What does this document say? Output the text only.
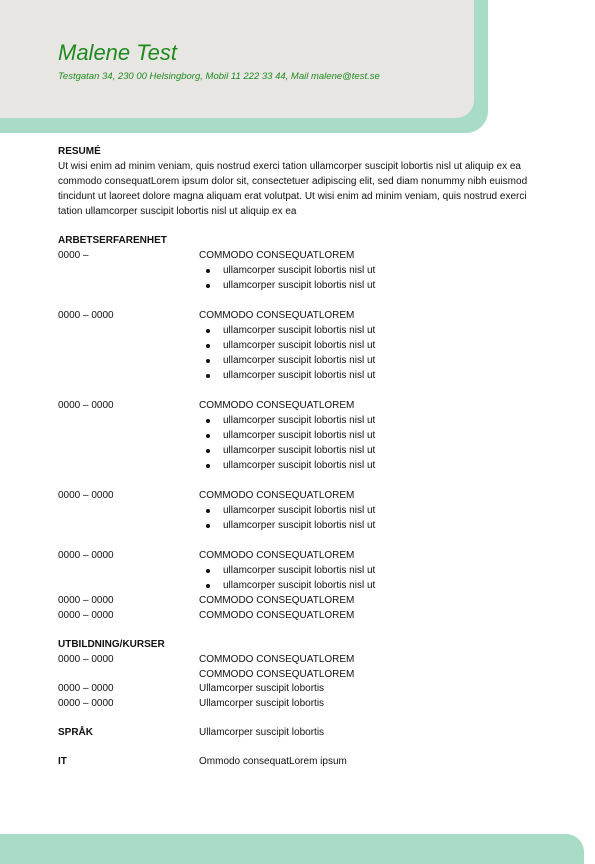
Malene Test
Testgatan 34, 230 00 Helsingborg, Mobil 11 222 33 44, Mail malene@test.se
RESUMÉ
Ut wisi enim ad minim veniam, quis nostrud exerci tation ullamcorper suscipit lobortis nisl ut aliquip ex ea commodo consequatLorem ipsum dolor sit, consectetuer adipiscing elit, sed diam nonummy nibh euismod tincidunt ut laoreet dolore magna aliquam erat volutpat. Ut wisi enim ad minim veniam, quis nostrud exerci tation ullamcorper suscipit lobortis nisl ut aliquip ex ea
ARBETSERFARENHET
0000 –	COMMODO CONSEQUATLOREM
ullamcorper suscipit lobortis nisl ut
ullamcorper suscipit lobortis nisl ut
0000 – 0000	COMMODO CONSEQUATLOREM
ullamcorper suscipit lobortis nisl ut
ullamcorper suscipit lobortis nisl ut
ullamcorper suscipit lobortis nisl ut
ullamcorper suscipit lobortis nisl ut
0000 – 0000	COMMODO CONSEQUATLOREM
ullamcorper suscipit lobortis nisl ut
ullamcorper suscipit lobortis nisl ut
ullamcorper suscipit lobortis nisl ut
ullamcorper suscipit lobortis nisl ut
0000 – 0000	COMMODO CONSEQUATLOREM
ullamcorper suscipit lobortis nisl ut
ullamcorper suscipit lobortis nisl ut
0000 – 0000	COMMODO CONSEQUATLOREM
ullamcorper suscipit lobortis nisl ut
ullamcorper suscipit lobortis nisl ut
0000 – 0000	COMMODO CONSEQUATLOREM
0000 – 0000	COMMODO CONSEQUATLOREM
UTBILDNING/KURSER
0000 – 0000	COMMODO CONSEQUATLOREM
COMMODO CONSEQUATLOREM
0000 – 0000	Ullamcorper suscipit lobortis
0000 – 0000	Ullamcorper suscipit lobortis
SPRÅK	Ullamcorper suscipit lobortis
IT	Ommodo consequatLorem ipsum
